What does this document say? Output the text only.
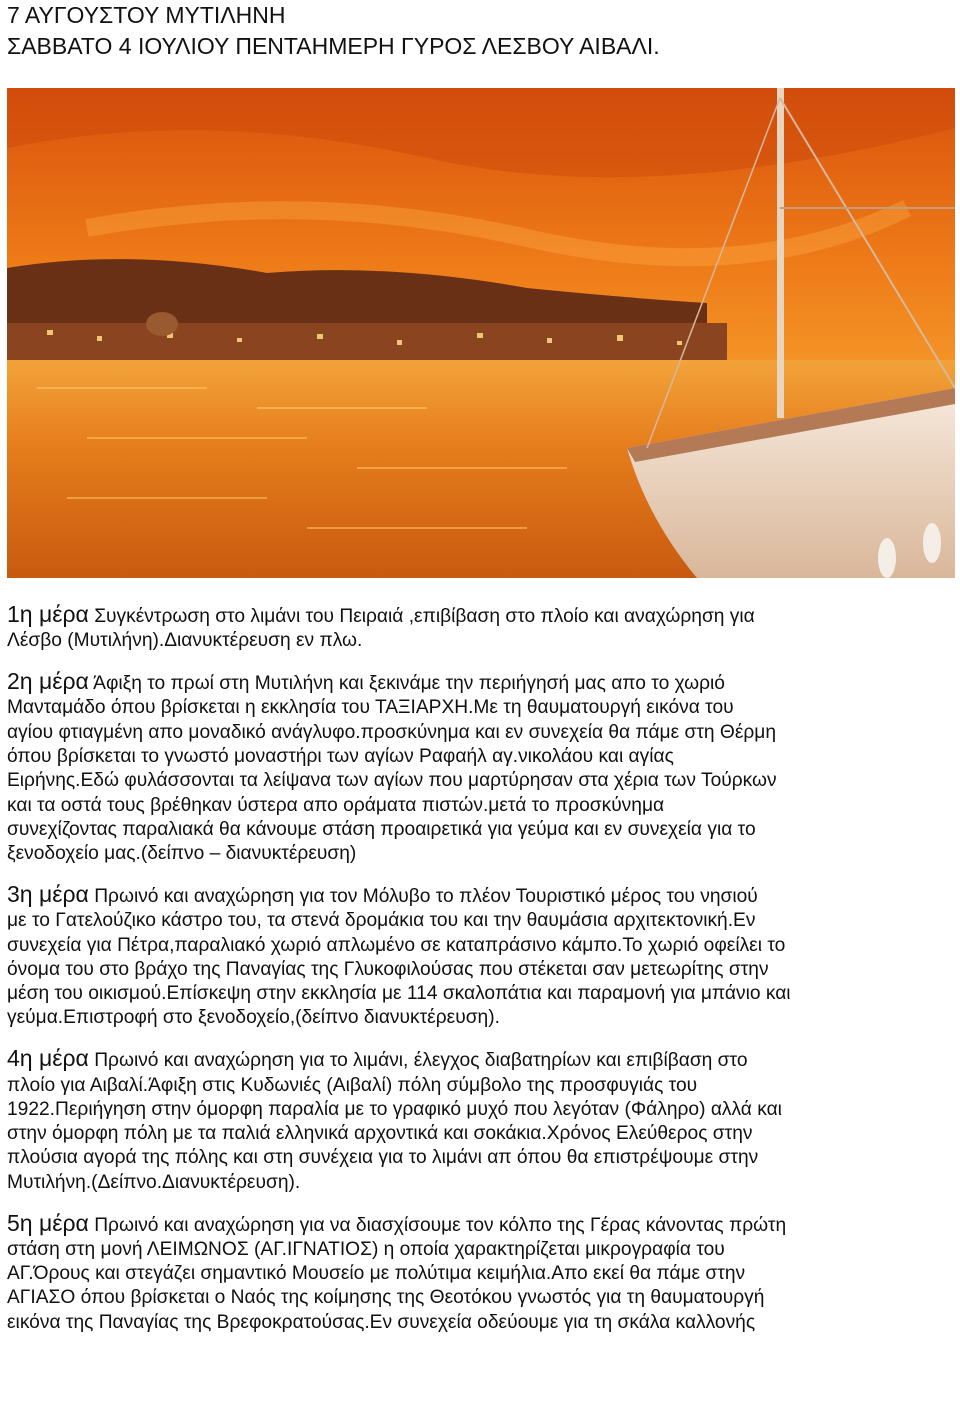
7 ΑΥΓΟΥΣΤΟΥ ΜΥΤΙΛΗΝΗ
ΣΑΒΒΑΤΟ 4 ΙΟΥΛΙΟΥ ΠΕΝΤΑΗΜΕΡΗ ΓΥΡΟΣ ΛΕΣΒΟΥ ΑΙΒΑΛΙ.
1η μέρα Συγκέντρωση στο λιμάνι του Πειραιά ,επιβίβαση στο πλοίο και αναχώρηση για
Λέσβο (Μυτιλήνη).Διανυκτέρευση εν πλω.
2η μέρα Άφιξη το πρωί στη Μυτιλήνη και ξεκινάμε την περιήγησή μας απο το χωριό
Μανταμάδο όπου βρίσκεται η εκκλησία του ΤΑΞΙΑΡΧΗ.Με τη θαυματουργή εικόνα του
αγίου φτιαγμένη απο μοναδικό ανάγλυφο.προσκύνημα και εν συνεχεία θα πάμε στη Θέρμη
όπου βρίσκεται το γνωστό μοναστήρι των αγίων Ραφαήλ αγ.νικολάου και αγίας
Ειρήνης.Εδώ φυλάσσονται τα λείψανα των αγίων που μαρτύρησαν στα χέρια των Τούρκων
και τα οστά τους βρέθηκαν ύστερα απο οράματα πιστών.μετά το προσκύνημα
συνεχίζοντας παραλιακά θα κάνουμε στάση προαιρετικά για γεύμα και εν συνεχεία για το
ξενοδοχείο μας.(δείπνο – διανυκτέρευση)
3η μέρα Πρωινό και αναχώρηση για τον Μόλυβο το πλέον Τουριστικό μέρος του νησιού
με το Γατελούζικο κάστρο του, τα στενά δρομάκια του και την θαυμάσια αρχιτεκτονική.Εν
συνεχεία για Πέτρα,παραλιακό χωριό απλωμένο σε καταπράσινο κάμπο.Το χωριό οφείλει το
όνομα του στο βράχο της Παναγίας της Γλυκοφιλούσας που στέκεται σαν μετεωρίτης στην
μέση του οικισμού.Επίσκεψη στην εκκλησία με 114 σκαλοπάτια και παραμονή για μπάνιο και
γεύμα.Επιστροφή στο ξενοδοχείο,(δείπνο διανυκτέρευση).
4η μέρα Πρωινό και αναχώρηση για το λιμάνι, έλεγχος διαβατηρίων και επιβίβαση στο
πλοίο για Αιβαλί.Άφιξη στις Κυδωνιές (Αιβαλί) πόλη σύμβολο της προσφυγιάς του
1922.Περιήγηση στην όμορφη παραλία με το γραφικό μυχό που λεγόταν (Φάληρο) αλλά και
στην όμορφη πόλη με τα παλιά ελληνικά αρχοντικά και σοκάκια.Χρόνος Ελεύθερος στην
πλούσια αγορά της πόλης και στη συνέχεια για το λιμάνι απ όπου θα επιστρέψουμε στην
Μυτιλήνη.(Δείπνο.Διανυκτέρευση).
5η μέρα Πρωινό και αναχώρηση για να διασχίσουμε τον κόλπο της Γέρας κάνοντας πρώτη
στάση στη μονή ΛΕΙΜΩΝΟΣ (ΑΓ.ΙΓΝΑΤΙΟΣ) η οποία χαρακτηρίζεται μικρογραφία του
ΑΓ.Όρους και στεγάζει σημαντικό Μουσείο με πολύτιμα κειμήλια.Απο εκεί θα πάμε στην
ΑΓΙΑΣΟ όπου βρίσκεται ο Ναός της κοίμησης της Θεοτόκου γνωστός για τη θαυματουργή
εικόνα της Παναγίας της Βρεφοκρατούσας.Εν συνεχεία οδεύουμε για τη σκάλα καλλονής
